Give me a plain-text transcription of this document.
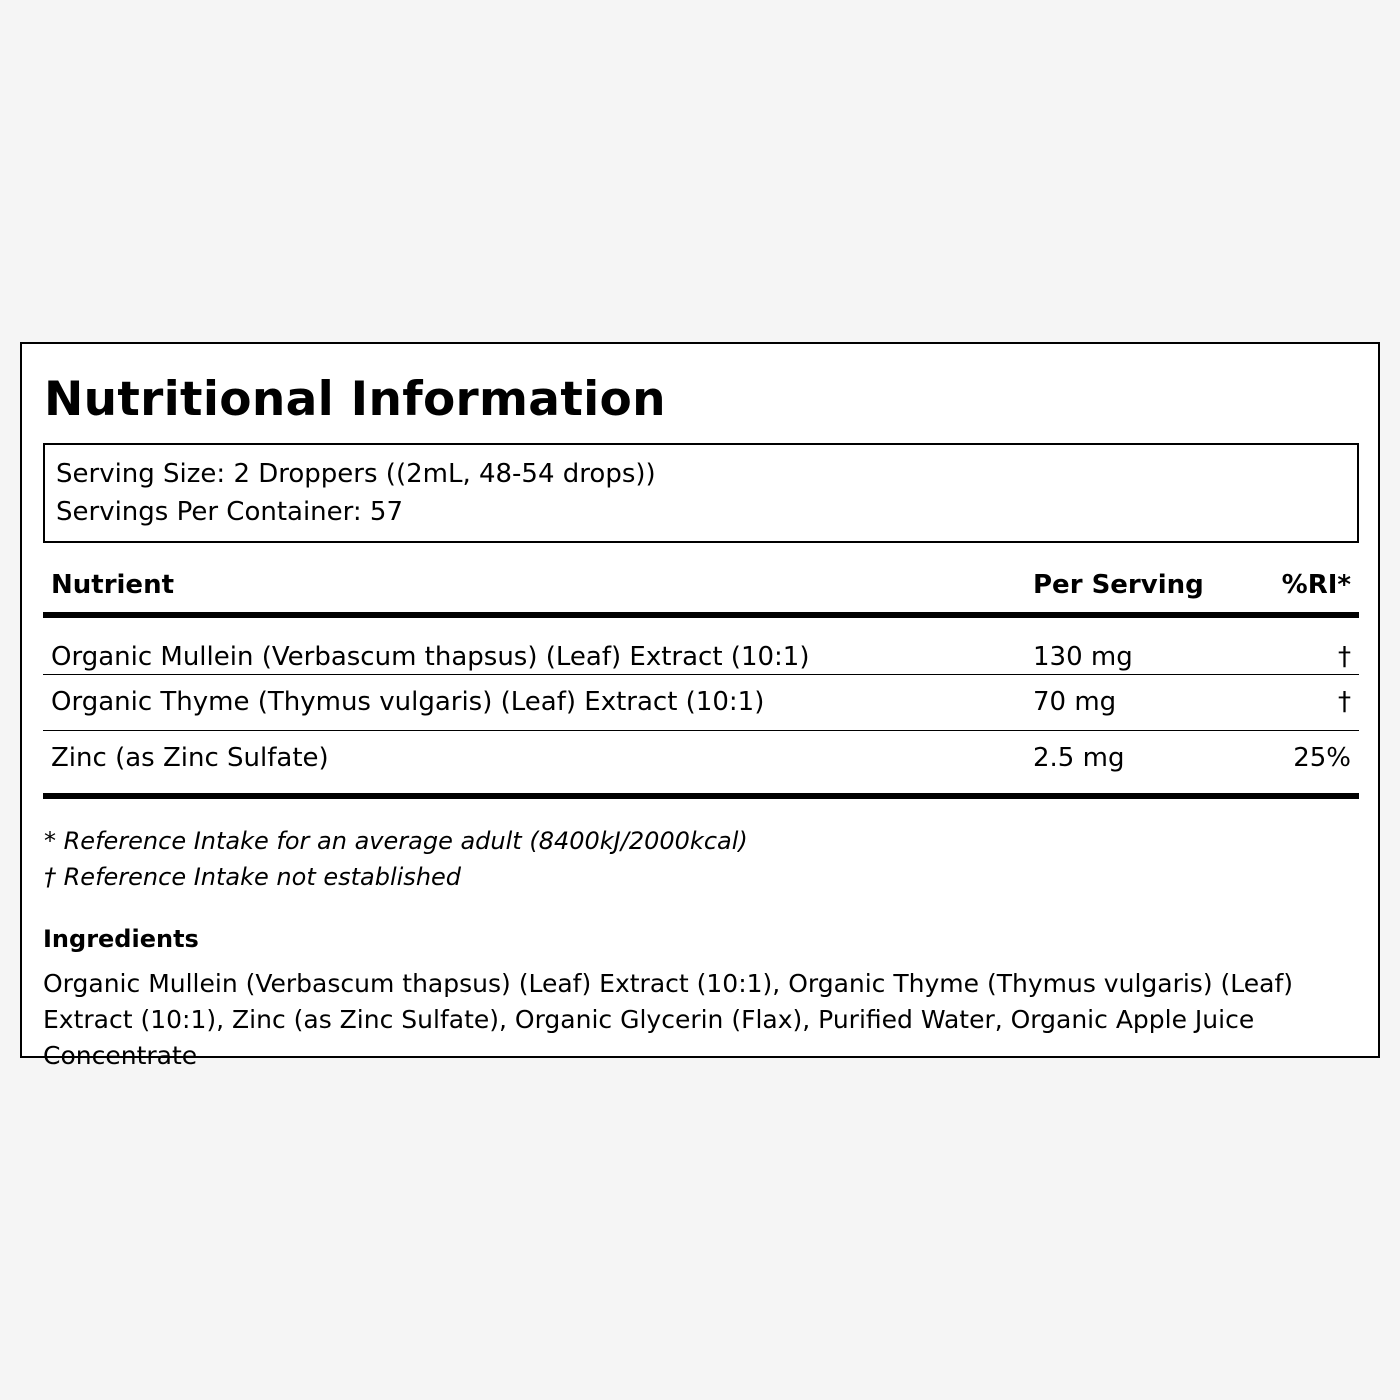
Nutritional Information
Serving Size: 2 Droppers ((2mL, 48-54 drops))
Servings Per Container: 57
Nutrient	Per Serving	%RI*
Organic Mullein (Verbascum thapsus) (Leaf) Extract (10:1)	130 mg	†
Organic Thyme (Thymus vulgaris) (Leaf) Extract (10:1)	70 mg	†
Zinc (as Zinc Sulfate)	2.5 mg	25%
* Reference Intake for an average adult (8400kJ/2000kcal)
† Reference Intake not established
Ingredients
Organic Mullein (Verbascum thapsus) (Leaf) Extract (10:1), Organic Thyme (Thymus vulgaris) (Leaf) Extract (10:1), Zinc (as Zinc Sulfate), Organic Glycerin (Flax), Purified Water, Organic Apple Juice Concentrate
